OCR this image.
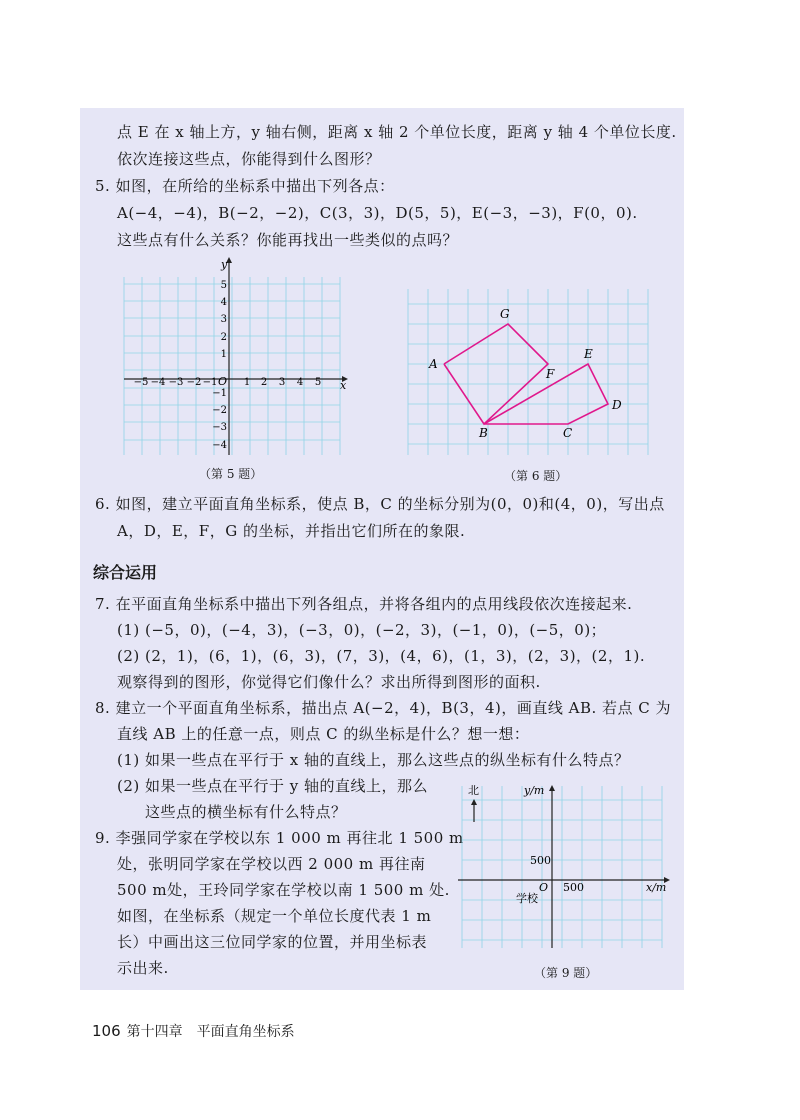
点 E 在 x 轴上方，y 轴右侧，距离 x 轴 2 个单位长度，距离 y 轴 4 个单位长度.
依次连接这些点，你能得到什么图形？
5. 如图，在所给的坐标系中描出下列各点：
A(−4，−4)，B(−2，−2)，C(3，3)，D(5，5)，E(−3，−3)，F(0，0).
这些点有什么关系？你能再找出一些类似的点吗？
y
x
O
−5 −4 −3 −2 −1	1 2 3 4 5
5
4
3
2
1
−1
−2
−3
−4
（第 5 题）
A
G
E
F
D
B	C
（第 6 题）
6. 如图，建立平面直角坐标系，使点 B，C 的坐标分别为(0，0)和(4，0)，写出点
A，D，E，F，G 的坐标，并指出它们所在的象限.
综合运用
7. 在平面直角坐标系中描出下列各组点，并将各组内的点用线段依次连接起来.
(1) (−5，0)，(−4，3)，(−3，0)，(−2，3)，(−1，0)，(−5，0)；
(2) (2，1)，(6，1)，(6，3)，(7，3)，(4，6)，(1，3)，(2，3)，(2，1).
观察得到的图形，你觉得它们像什么？求出所得到图形的面积.
8. 建立一个平面直角坐标系，描出点 A(−2，4)，B(3，4)，画直线 AB. 若点 C 为
直线 AB 上的任意一点，则点 C 的纵坐标是什么？想一想：
(1) 如果一些点在平行于 x 轴的直线上，那么这些点的纵坐标有什么特点？
(2) 如果一些点在平行于 y 轴的直线上，那么
这些点的横坐标有什么特点？
9. 李强同学家在学校以东 1 000 m 再往北 1 500 m
处，张明同学家在学校以西 2 000 m 再往南
500 m处，王玲同学家在学校以南 1 500 m 处.
如图，在坐标系（规定一个单位长度代表 1 m
长）中画出这三位同学家的位置，并用坐标表
示出来.
北	y/m
x/m
O
500
500
学校
（第 9 题）
106 第十四章　平面直角坐标系
